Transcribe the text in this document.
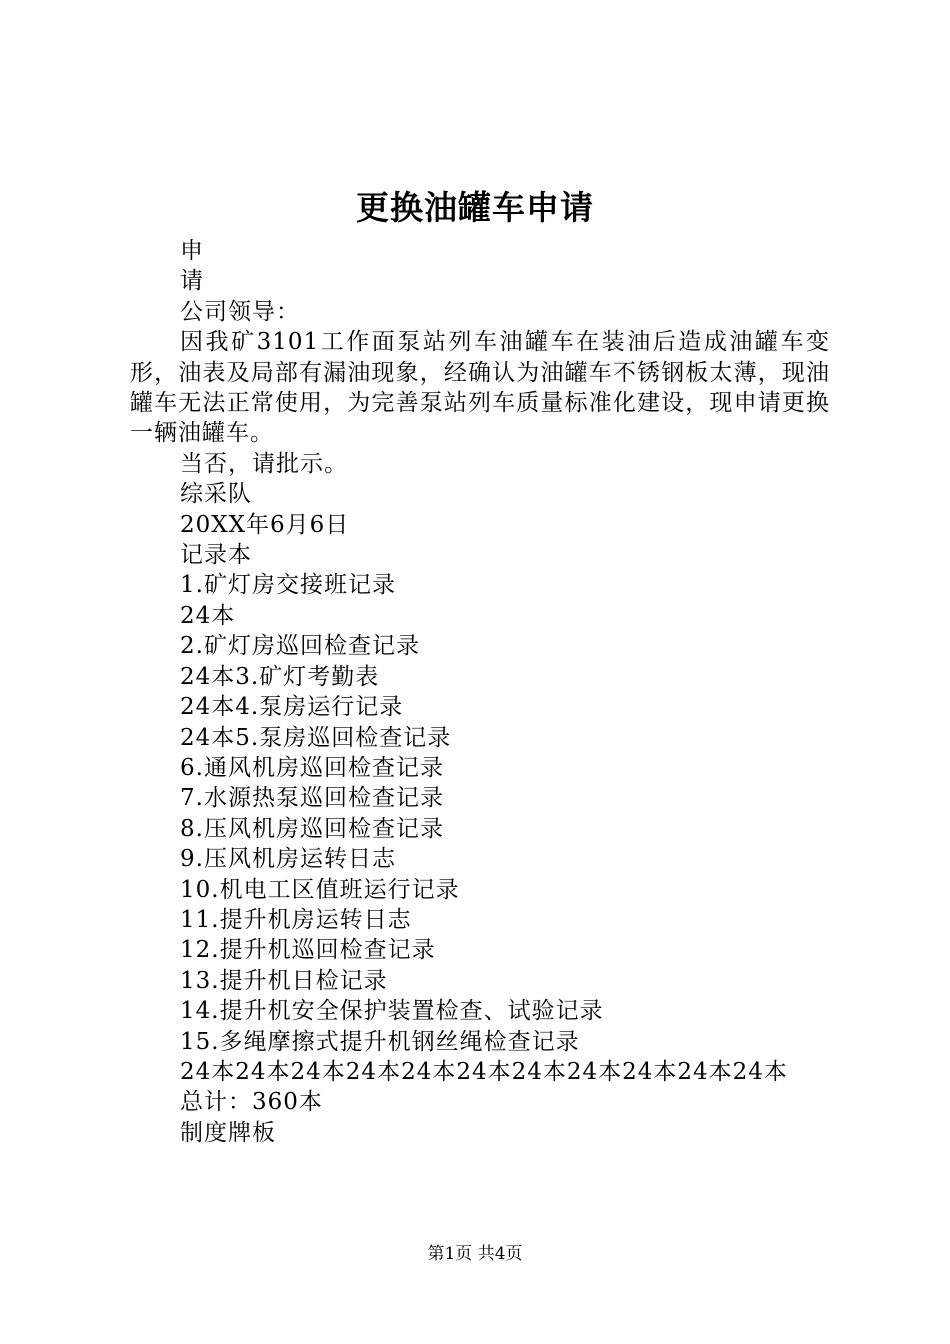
更换油罐车申请
申
请
公司领导：

因我矿3101工作面泵站列车油罐车在装油后造成油罐车变形，油表及局部有漏油现象，经确认为油罐车不锈钢板太薄，现油罐车无法正常使用，为完善泵站列车质量标准化建设，现申请更换一辆油罐车。

当否，请批示。
综采队
20XX年6月6日
记录本
1.矿灯房交接班记录
24本
2.矿灯房巡回检查记录
24本3.矿灯考勤表
24本4.泵房运行记录
24本5.泵房巡回检查记录
6.通风机房巡回检查记录
7.水源热泵巡回检查记录
8.压风机房巡回检查记录
9.压风机房运转日志
10.机电工区值班运行记录
11.提升机房运转日志
12.提升机巡回检查记录
13.提升机日检记录
14.提升机安全保护装置检查、试验记录
15.多绳摩擦式提升机钢丝绳检查记录

24本24本24本24本24本24本24本24本24本24本24本

总计：360本
制度牌板
第1页 共4页
